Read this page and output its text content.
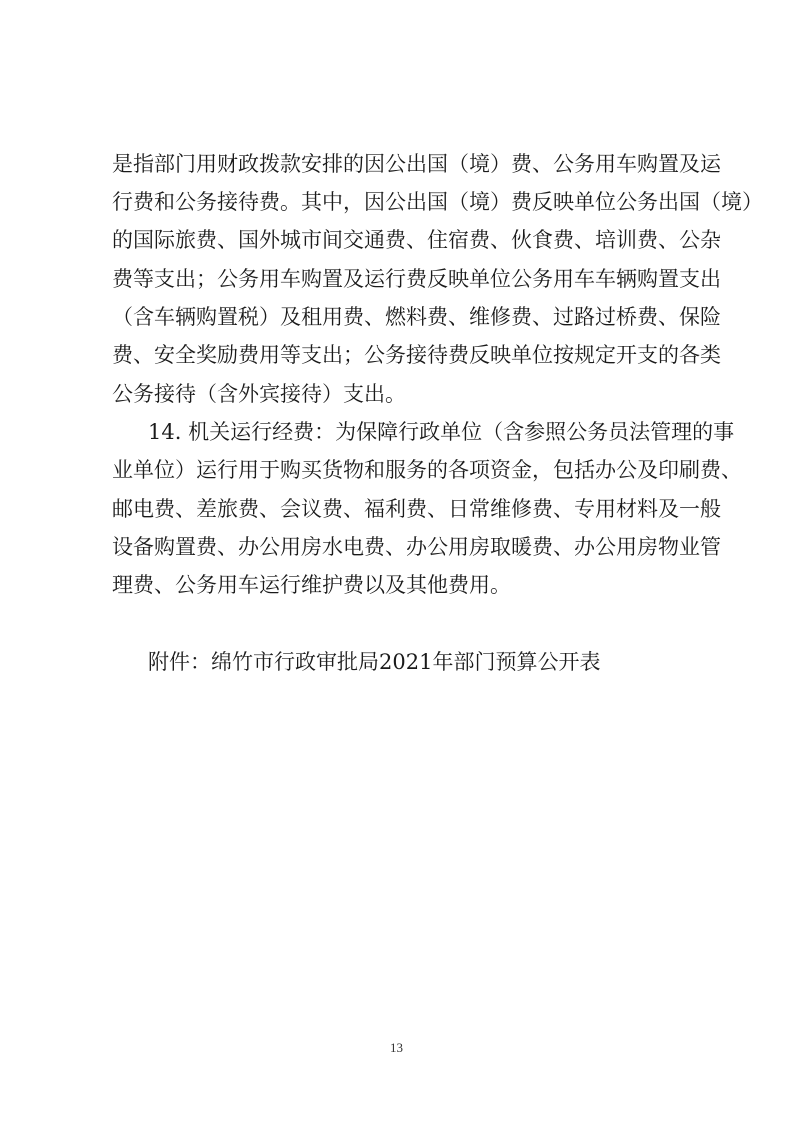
是指部门用财政拨款安排的因公出国（境）费、公务用车购置及运
行费和公务接待费。其中，因公出国（境）费反映单位公务出国（境）
的国际旅费、国外城市间交通费、住宿费、伙食费、培训费、公杂
费等支出；公务用车购置及运行费反映单位公务用车车辆购置支出
（含车辆购置税）及租用费、燃料费、维修费、过路过桥费、保险
费、安全奖励费用等支出；公务接待费反映单位按规定开支的各类
公务接待（含外宾接待）支出。
14. 机关运行经费：为保障行政单位（含参照公务员法管理的事
业单位）运行用于购买货物和服务的各项资金，包括办公及印刷费、
邮电费、差旅费、会议费、福利费、日常维修费、专用材料及一般
设备购置费、办公用房水电费、办公用房取暖费、办公用房物业管
理费、公务用车运行维护费以及其他费用。
附件：绵竹市行政审批局2021年部门预算公开表
13
